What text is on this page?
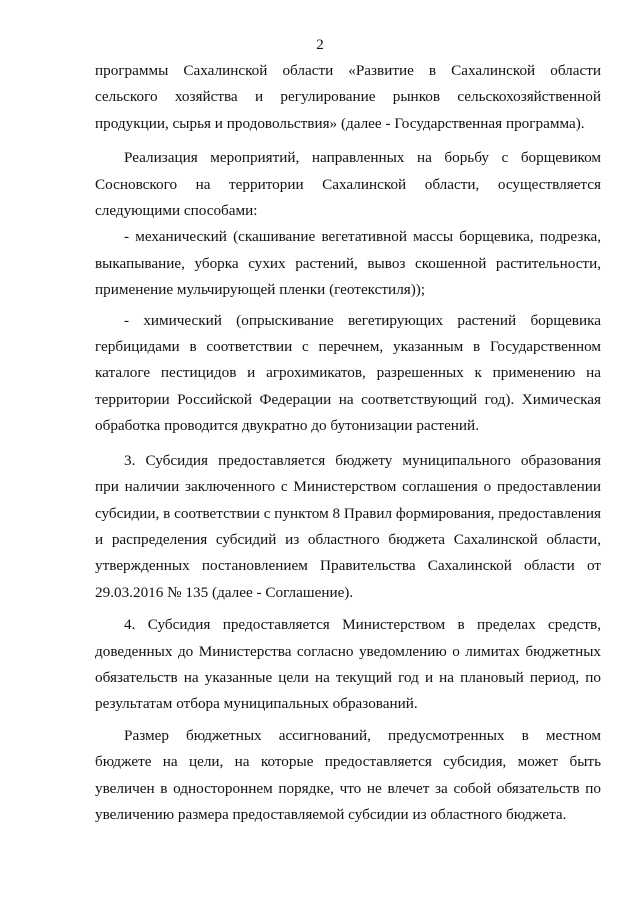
2
программы Сахалинской области «Развитие в Сахалинской области
сельского хозяйства и регулирование рынков сельскохозяйственной
продукции, сырья и продовольствия» (далее - Государственная программа).
Реализация мероприятий, направленных на борьбу с борщевиком
Сосновского на территории Сахалинской области, осуществляется
следующими способами:
- механический (скашивание вегетативной массы борщевика, подрезка,
выкапывание, уборка сухих растений, вывоз скошенной растительности,
применение мульчирующей пленки (геотекстиля));
- химический (опрыскивание вегетирующих растений борщевика
гербицидами в соответствии с перечнем, указанным в Государственном
каталоге пестицидов и агрохимикатов, разрешенных к применению на
территории Российской Федерации на соответствующий год). Химическая
обработка проводится двукратно до бутонизации растений.
3. Субсидия предоставляется бюджету муниципального образования
при наличии заключенного с Министерством соглашения о предоставлении
субсидии, в соответствии с пунктом 8 Правил формирования, предоставления
и распределения субсидий из областного бюджета Сахалинской области,
утвержденных постановлением Правительства Сахалинской области от
29.03.2016 № 135 (далее - Соглашение).
4. Субсидия предоставляется Министерством в пределах средств,
доведенных до Министерства согласно уведомлению о лимитах бюджетных
обязательств на указанные цели на текущий год и на плановый период, по
результатам отбора муниципальных образований.
Размер бюджетных ассигнований, предусмотренных в местном
бюджете на цели, на которые предоставляется субсидия, может быть
увеличен в одностороннем порядке, что не влечет за собой обязательств по
увеличению размера предоставляемой субсидии из областного бюджета.
